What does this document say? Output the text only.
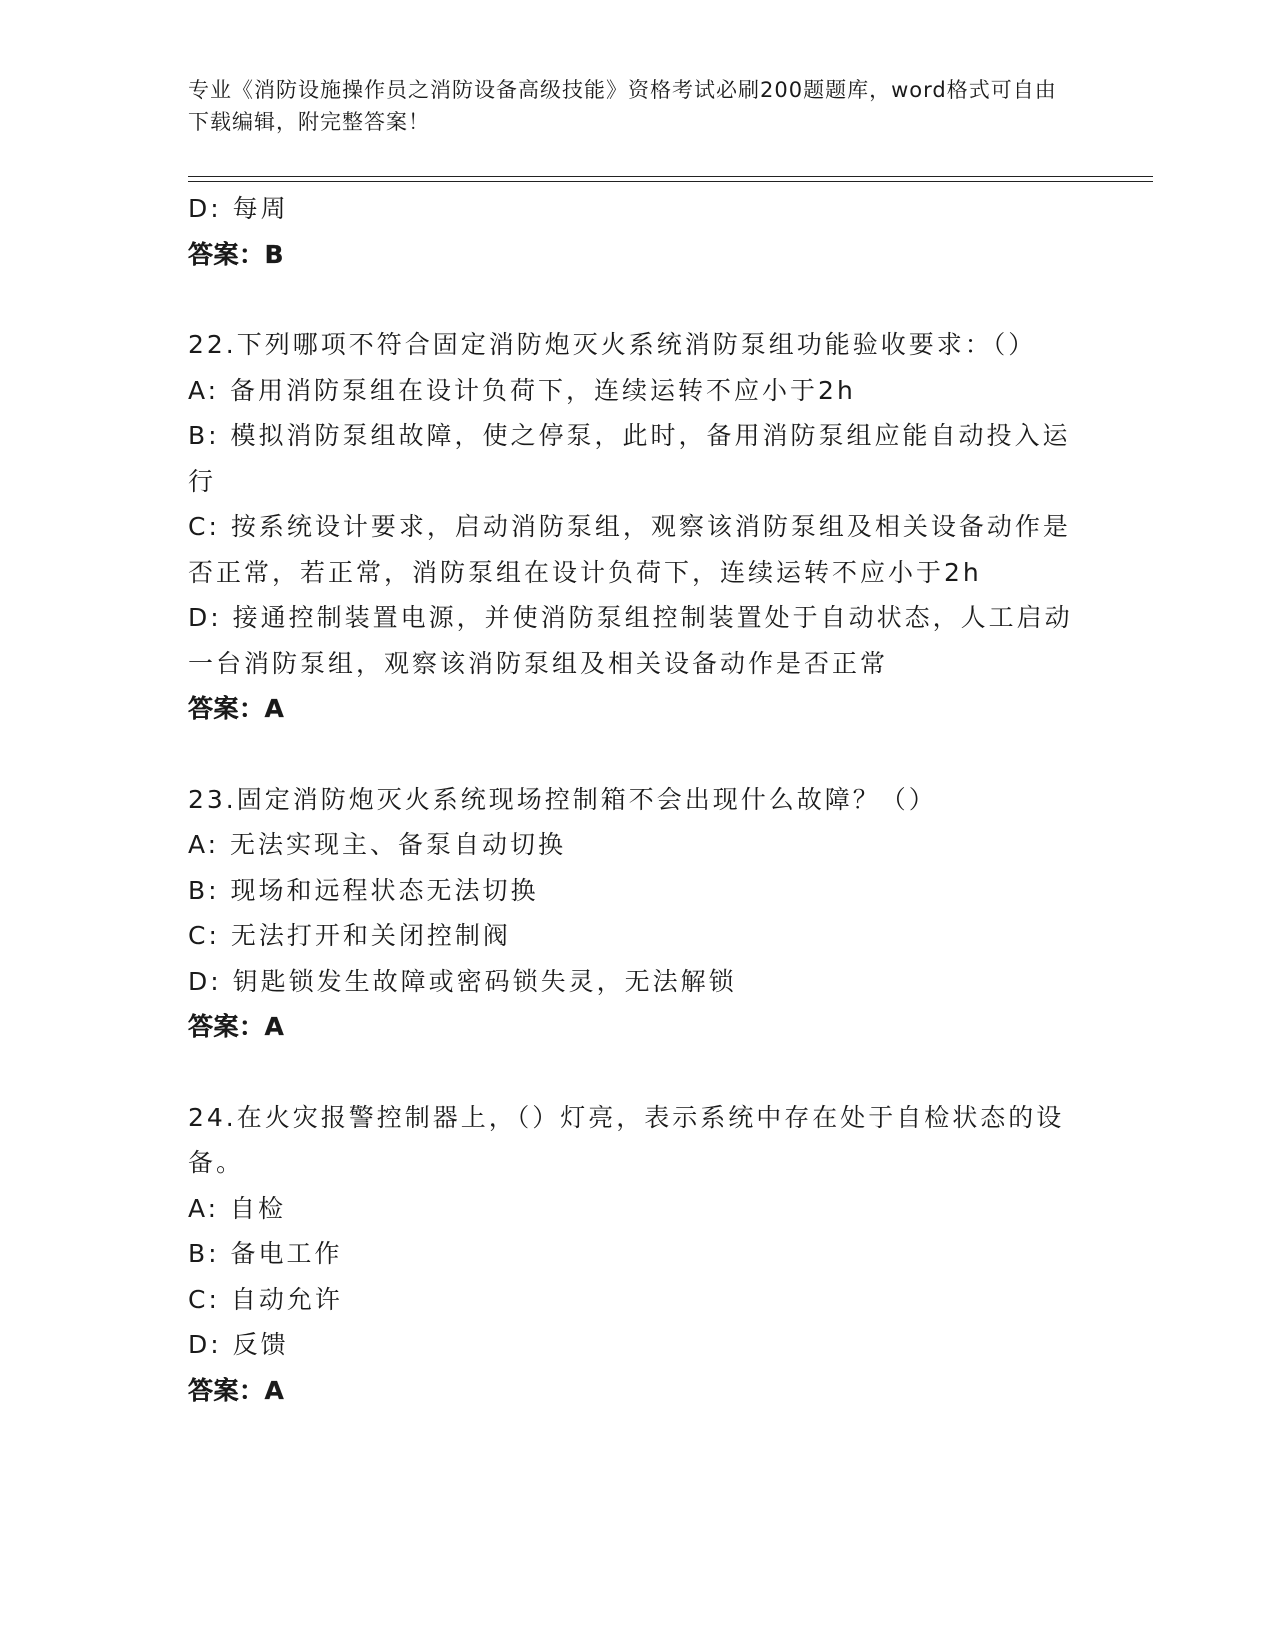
专业《消防设施操作员之消防设备高级技能》资格考试必刷200题题库，word格式可自由下载编辑，附完整答案！
D: 每周
答案：B
22.下列哪项不符合固定消防炮灭火系统消防泵组功能验收要求：（）
A: 备用消防泵组在设计负荷下，连续运转不应小于2h
B: 模拟消防泵组故障，使之停泵，此时，备用消防泵组应能自动投入运行
C: 按系统设计要求，启动消防泵组，观察该消防泵组及相关设备动作是否正常，若正常，消防泵组在设计负荷下，连续运转不应小于2h
D: 接通控制装置电源，并使消防泵组控制装置处于自动状态，人工启动一台消防泵组，观察该消防泵组及相关设备动作是否正常
答案：A
23.固定消防炮灭火系统现场控制箱不会出现什么故障？（）
A: 无法实现主、备泵自动切换
B: 现场和远程状态无法切换
C: 无法打开和关闭控制阀
D: 钥匙锁发生故障或密码锁失灵，无法解锁
答案：A
24.在火灾报警控制器上，（）灯亮，表示系统中存在处于自检状态的设备。
A: 自检
B: 备电工作
C: 自动允许
D: 反馈
答案：A
